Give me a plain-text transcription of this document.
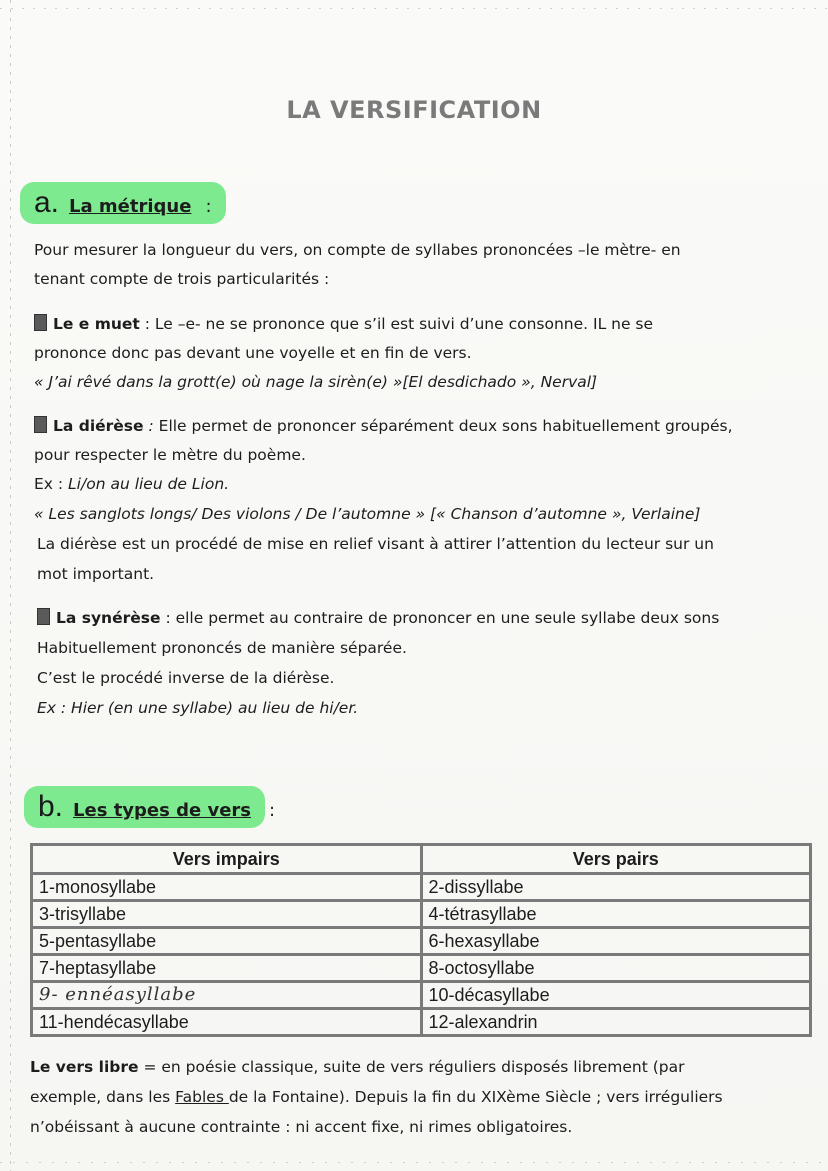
LA VERSIFICATION
a. La métrique :

Pour mesurer la longueur du vers, on compte de syllabes prononcées –le mètre- en

tenant compte de trois particularités :

Le e muet : Le –e- ne se prononce que s’il est suivi d’une consonne. IL ne se

prononce donc pas devant une voyelle et en fin de vers.

« J’ai rêvé dans la grott(e) où nage la sirèn(e) »[El desdichado », Nerval]

La diérèse : Elle permet de prononcer séparément deux sons habituellement groupés,

pour respecter le mètre du poème.

Ex : Li/on au lieu de Lion.

« Les sanglots longs/ Des violons / De l’automne » [« Chanson d’automne », Verlaine]

La diérèse est un procédé de mise en relief visant à attirer l’attention du lecteur sur un

mot important.

La synérèse : elle permet au contraire de prononcer en une seule syllabe deux sons

Habituellement prononcés de manière séparée.

C’est le procédé inverse de la diérèse.

Ex : Hier (en une syllabe) au lieu de hi/er.

b. Les types de vers :
Vers impairs	Vers pairs
1-monosyllabe	2-dissyllabe
3-trisyllabe	4-tétrasyllabe
5-pentasyllabe	6-hexasyllabe
7-heptasyllabe	8-octosyllabe
9- ennéasyllabe	10-décasyllabe
11-hendécasyllabe	12-alexandrin
Le vers libre = en poésie classique, suite de vers réguliers disposés librement (par
exemple, dans les Fables de la Fontaine). Depuis la fin du XIXème Siècle ; vers irréguliers
n’obéissant à aucune contrainte : ni accent fixe, ni rimes obligatoires.
